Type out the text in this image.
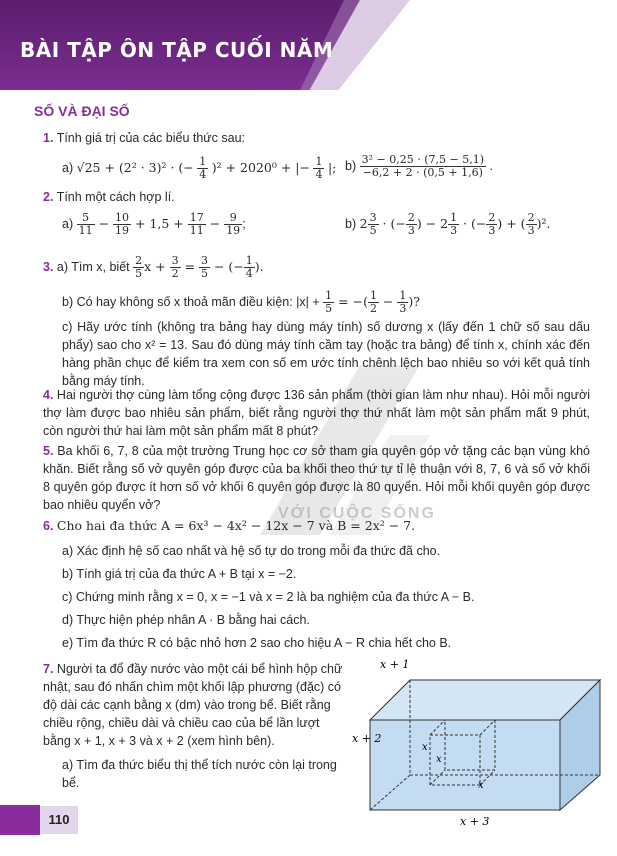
BÀI TẬP ÔN TẬP CUỐI NĂM
SỐ VÀ ĐẠI SỐ
VỚI CUỘC SỐNG
1. Tính giá trị của các biểu thức sau:
a) √25 + (2² · 3)² · (− $\frac{1}{4} )^2 + 2020^0$ + |− $\frac{1}{4}$ |; $b) \frac{\text{3² − 0,25 · (7,5 − 5,1)}}{-6,2 + 2 \cdot (0,5 + 1,6)}$ .
2. Tính một cách hợp lí.
$a) \frac{5}{11} - \frac{10}{19} + 1,5 + \frac{17}{11} - \frac{9}{19}$ ;	b) $2 \frac{3}{5}$ · (− $\frac{2}{3}$ ) − $2 \frac{1}{3}$ · (− $\frac{2}{3}$ ) + ( $\frac{2}{3} )^2$.
3. a) Tìm x, biết $\frac{2}{5}$ $x + \frac{3}{2} = \frac{3}{5}$ − (− $\frac{1}{4}$ ).
b) Có hay không số x thoả mãn điều kiện: $|x| + \frac{1}{5}$ = −( $\frac{1}{2} - \frac{1}{3}$ )?
c) Hãy ước tính (không tra bảng hay dùng máy tính) số dương x (lấy đến 1 chữ số sau dấu phẩy) sao cho x² = 13. Sau đó dùng máy tính cầm tay (hoặc tra bảng) để tính x, chính xác đến hàng phần chục để kiểm tra xem con số em ước tính chênh lệch bao nhiêu so với kết quả tính bằng máy tính.
4. Hai người thợ cùng làm tổng cộng được 136 sản phẩm (thời gian làm như nhau). Hỏi mỗi người thợ làm được bao nhiêu sản phẩm, biết rằng người thợ thứ nhất làm một sản phẩm mất 9 phút, còn người thứ hai làm một sản phẩm mất 8 phút?
5. Ba khối 6, 7, 8 của một trường Trung học cơ sở tham gia quyên góp vở tặng các bạn vùng khó khăn. Biết rằng số vở quyên góp được của ba khối theo thứ tự tỉ lệ thuận với 8, 7, 6 và số vở khối 8 quyên góp được ít hơn số vở khối 6 quyên góp được là 80 quyển. Hỏi mỗi khối quyên góp được bao nhiêu quyển vở?
6. Cho hai đa thức A = 6x³ − 4x² − 12x − 7 và B = 2x² − 7.
a) Xác định hệ số cao nhất và hệ số tự do trong mỗi đa thức đã cho.
b) Tính giá trị của đa thức A + B tại x = −2.
c) Chứng minh rằng x = 0, x = −1 và x = 2 là ba nghiệm của đa thức A − B.
d) Thực hiện phép nhân A · B bằng hai cách.
e) Tìm đa thức R có bậc nhỏ hơn 2 sao cho hiệu A − R chia hết cho B.
7. Người ta đổ đầy nước vào một cái bể hình hộp chữ nhật, sau đó nhấn chìm một khối lập phương (đặc) có độ dài các cạnh bằng x (dm) vào trong bể. Biết rằng chiều rộng, chiều dài và chiều cao của bể lần lượt bằng x + 1, x + 3 và x + 2 (xem hình bên).
a) Tìm đa thức biểu thị thể tích nước còn lại trong bể.
x + 1
x + 2
x + 3
x
x
x
110
